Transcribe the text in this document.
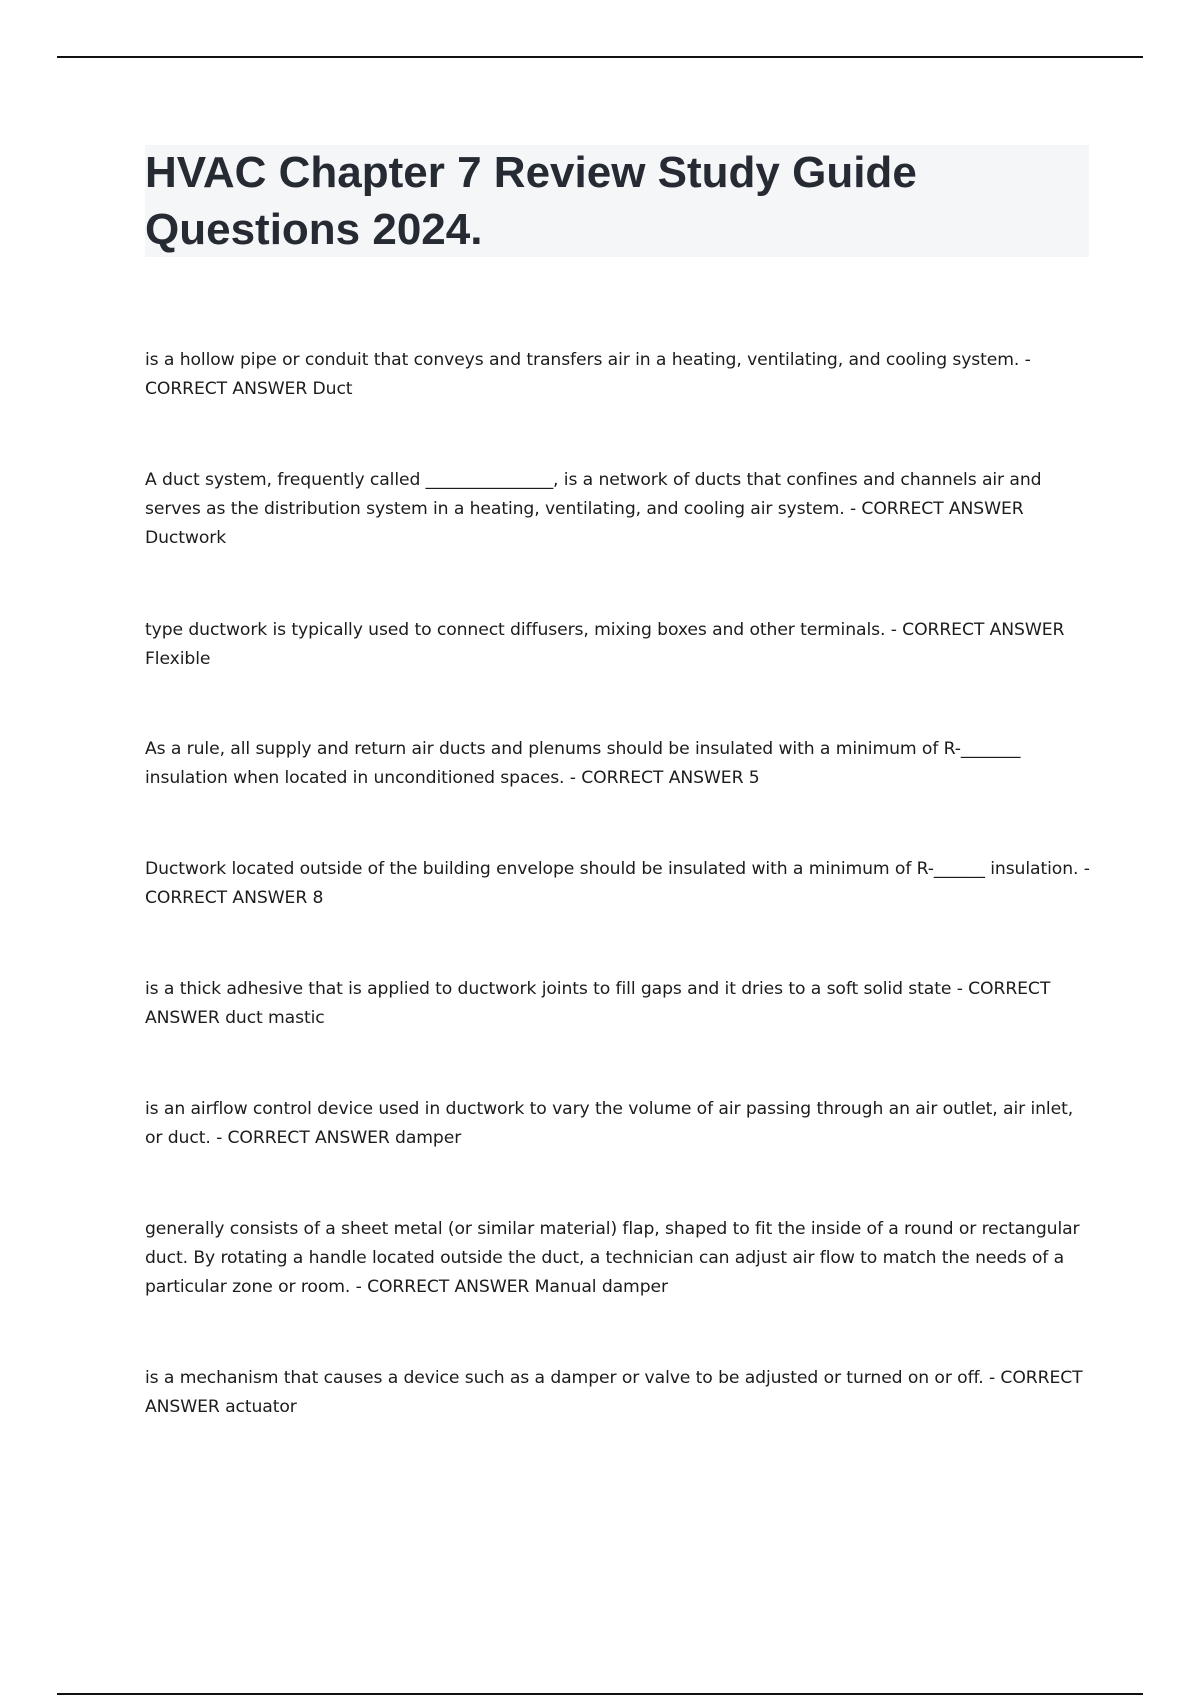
HVAC Chapter 7 Review Study Guide Questions 2024.

is a hollow pipe or conduit that conveys and transfers air in a heating, ventilating, and cooling system. - CORRECT ANSWER Duct

A duct system, frequently called _______________, is a network of ducts that confines and channels air and serves as the distribution system in a heating, ventilating, and cooling air system. - CORRECT ANSWER Ductwork

type ductwork is typically used to connect diffusers, mixing boxes and other terminals. - CORRECT ANSWER Flexible

As a rule, all supply and return air ducts and plenums should be insulated with a minimum of R-_______ insulation when located in unconditioned spaces. - CORRECT ANSWER 5

Ductwork located outside of the building envelope should be insulated with a minimum of R-______ insulation. - CORRECT ANSWER 8

is a thick adhesive that is applied to ductwork joints to fill gaps and it dries to a soft solid state - CORRECT ANSWER duct mastic

is an airflow control device used in ductwork to vary the volume of air passing through an air outlet, air inlet, or duct. - CORRECT ANSWER damper

generally consists of a sheet metal (or similar material) flap, shaped to fit the inside of a round or rectangular duct. By rotating a handle located outside the duct, a technician can adjust air flow to match the needs of a particular zone or room. - CORRECT ANSWER Manual damper

is a mechanism that causes a device such as a damper or valve to be adjusted or turned on or off. - CORRECT ANSWER actuator
